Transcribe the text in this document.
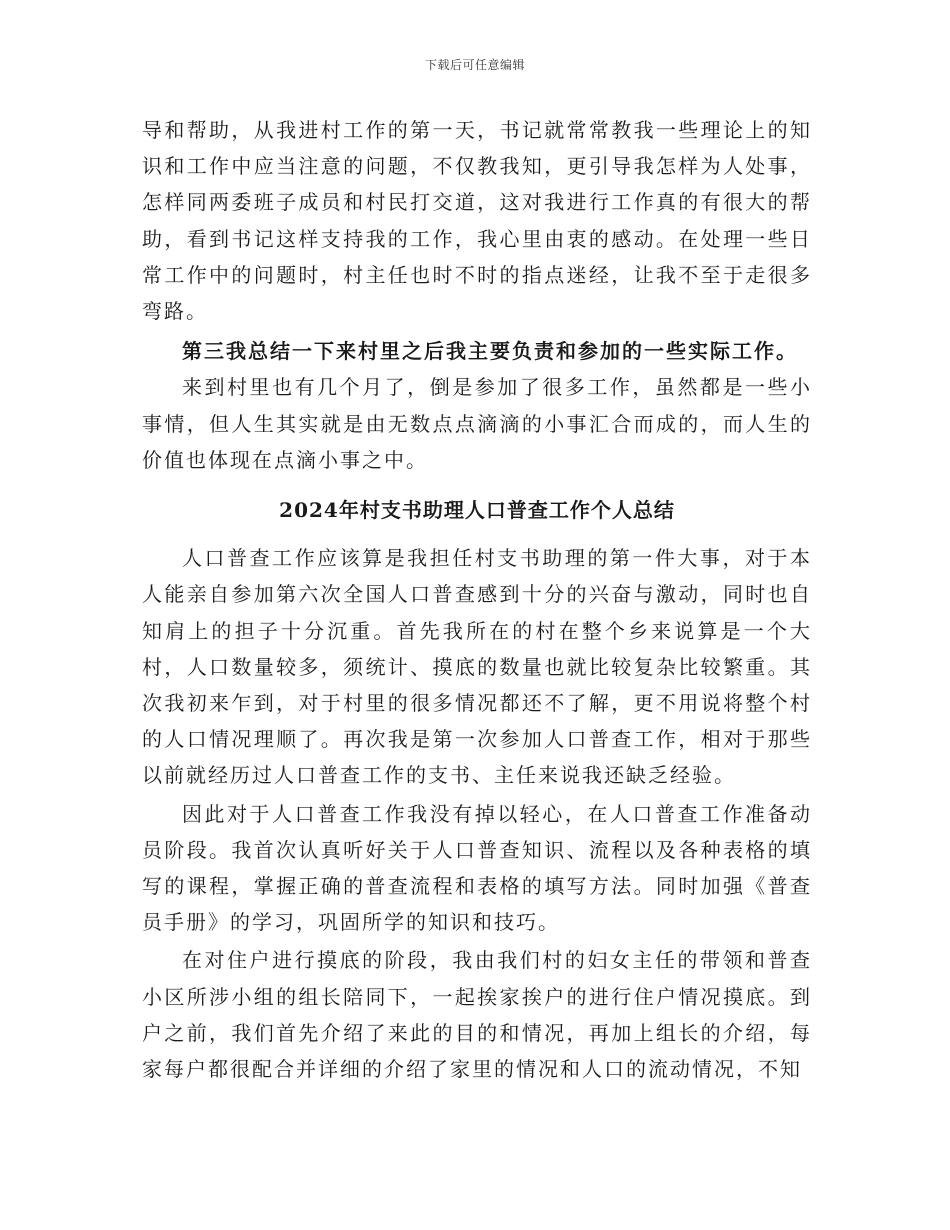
下载后可任意编辑

导和帮助，从我进村工作的第一天，书记就常常教我一些理论上的知识和工作中应当注意的问题，不仅教我知，更引导我怎样为人处事，怎样同两委班子成员和村民打交道，这对我进行工作真的有很大的帮助，看到书记这样支持我的工作，我心里由衷的感动。在处理一些日常工作中的问题时，村主任也时不时的指点迷经，让我不至于走很多弯路。

第三我总结一下来村里之后我主要负责和参加的一些实际工作。

来到村里也有几个月了，倒是参加了很多工作，虽然都是一些小事情，但人生其实就是由无数点点滴滴的小事汇合而成的，而人生的价值也体现在点滴小事之中。

2024年村支书助理人口普查工作个人总结

人口普查工作应该算是我担任村支书助理的第一件大事，对于本人能亲自参加第六次全国人口普查感到十分的兴奋与激动，同时也自知肩上的担子十分沉重。首先我所在的村在整个乡来说算是一个大村，人口数量较多，须统计、摸底的数量也就比较复杂比较繁重。其次我初来乍到，对于村里的很多情况都还不了解，更不用说将整个村的人口情况理顺了。再次我是第一次参加人口普查工作，相对于那些以前就经历过人口普查工作的支书、主任来说我还缺乏经验。

因此对于人口普查工作我没有掉以轻心，在人口普查工作准备动员阶段。我首次认真听好关于人口普查知识、流程以及各种表格的填写的课程，掌握正确的普查流程和表格的填写方法。同时加强《普查员手册》的学习，巩固所学的知识和技巧。

在对住户进行摸底的阶段，我由我们村的妇女主任的带领和普查小区所涉小组的组长陪同下，一起挨家挨户的进行住户情况摸底。到户之前，我们首先介绍了来此的目的和情况，再加上组长的介绍，每家每户都很配合并详细的介绍了家里的情况和人口的流动情况，不知
